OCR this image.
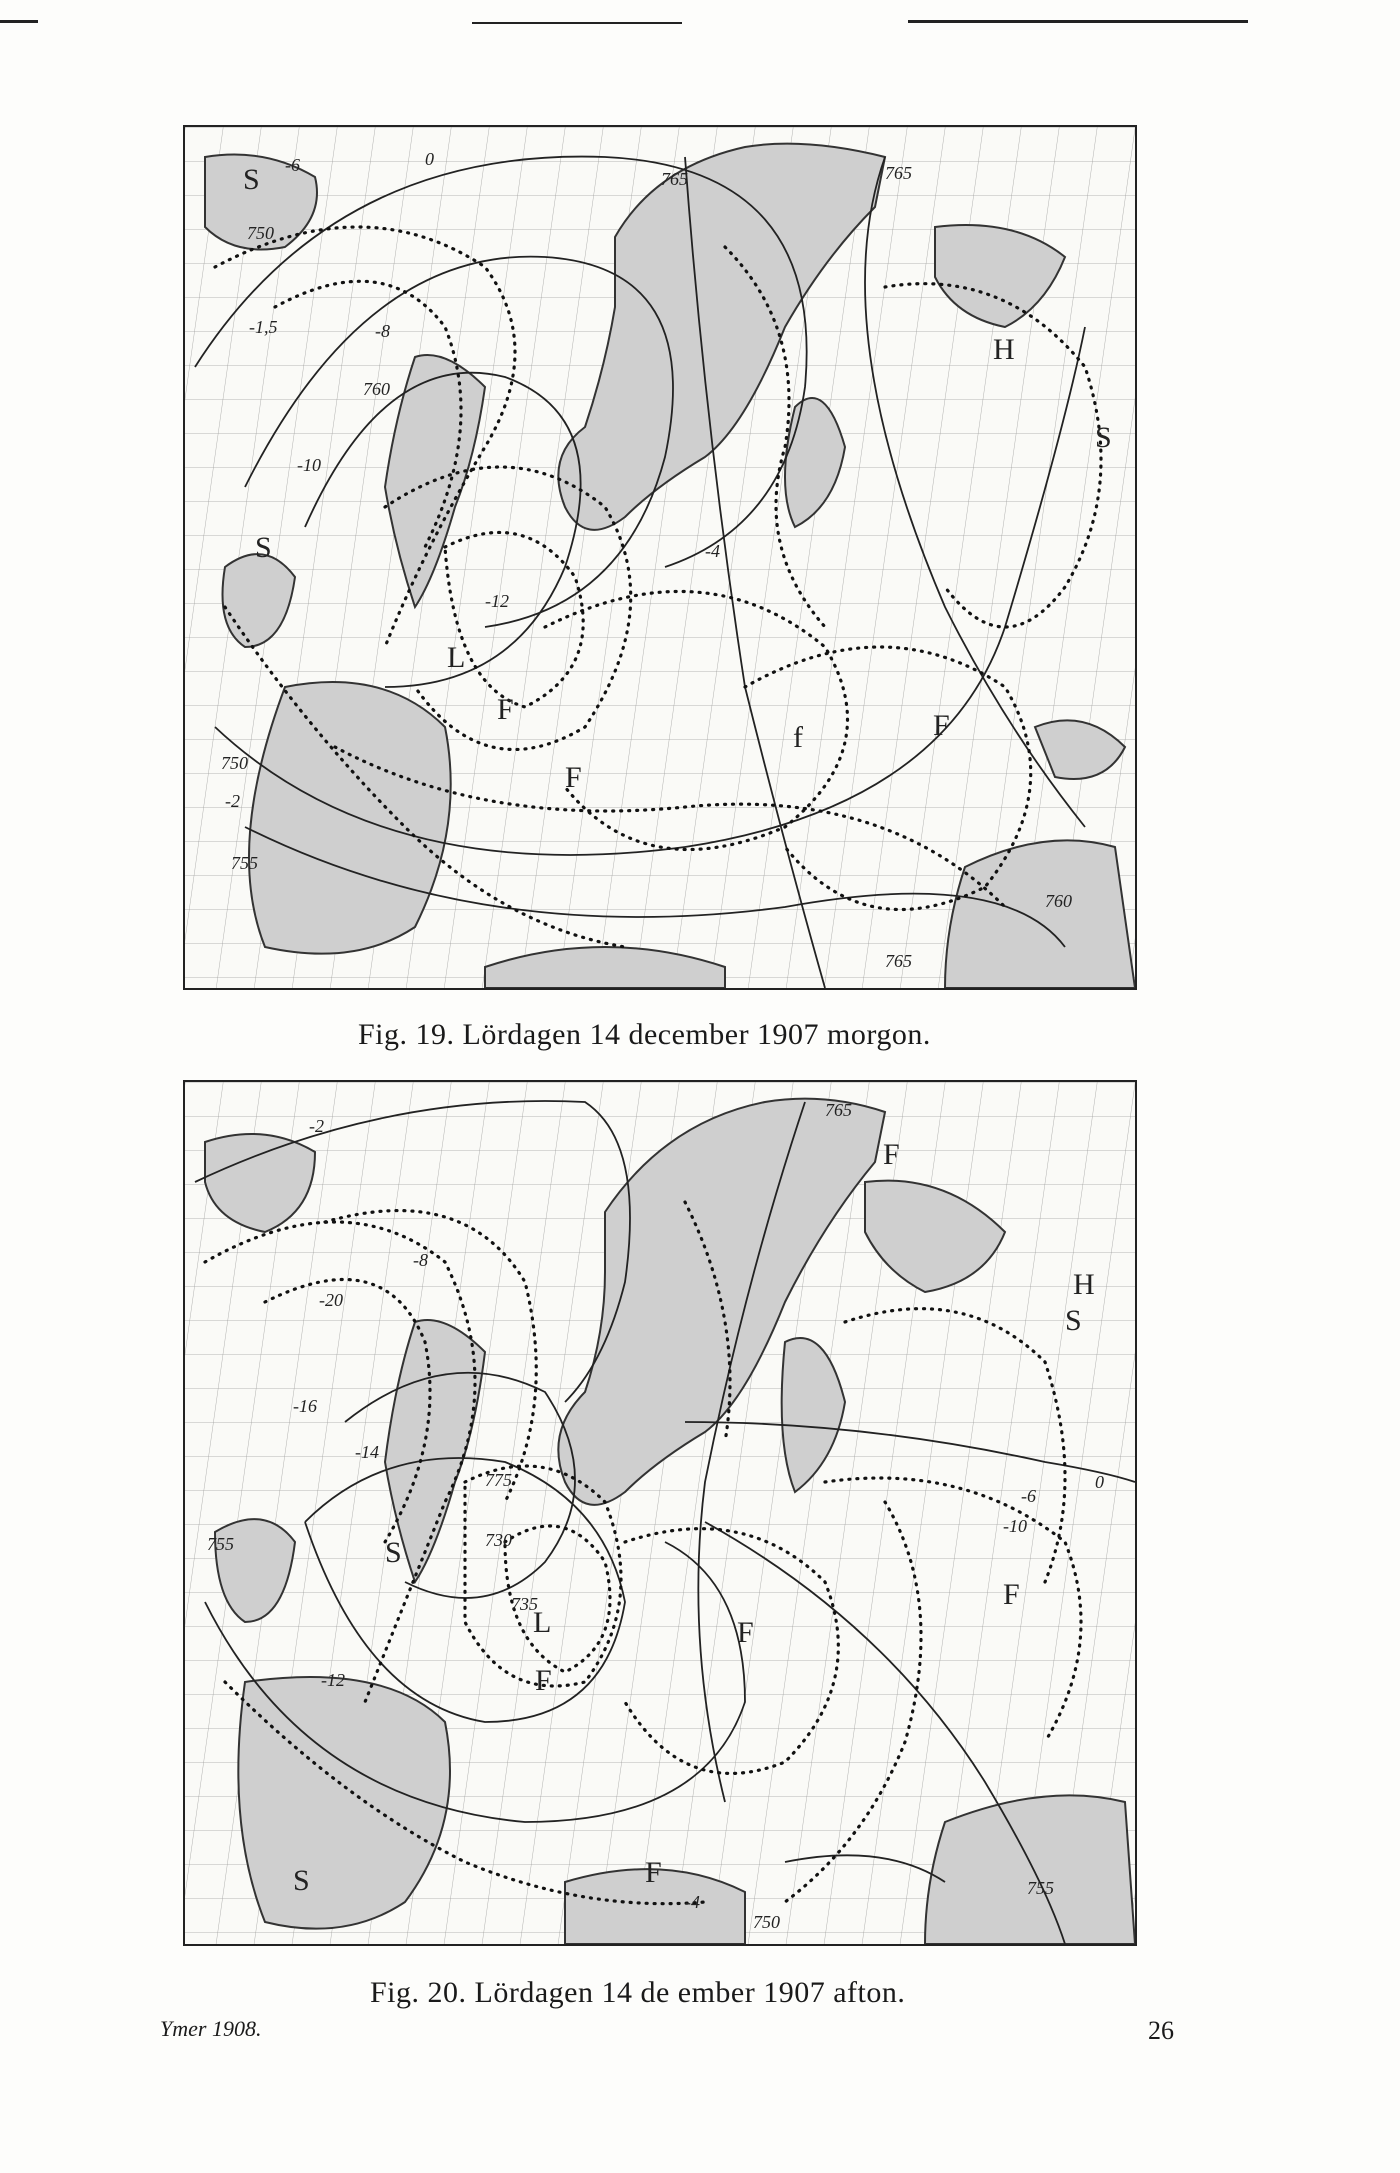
S
S
S
H
L
F
F
F
f
750
750
755
760
760
765	765
765
-6
-10
-1,5	-8
0
-2
-4
-12
Fig. 19. Lördagen 14 december 1907 morgon.
S
S
S
H
L
F
F
F
F
F
765
775
730
735
755
755
750
-20
-8
-10
-6
-2
-4
-16
-14
-12
0
Fig. 20. Lördagen 14 de ember 1907 afton.
Ymer 1908.	26
